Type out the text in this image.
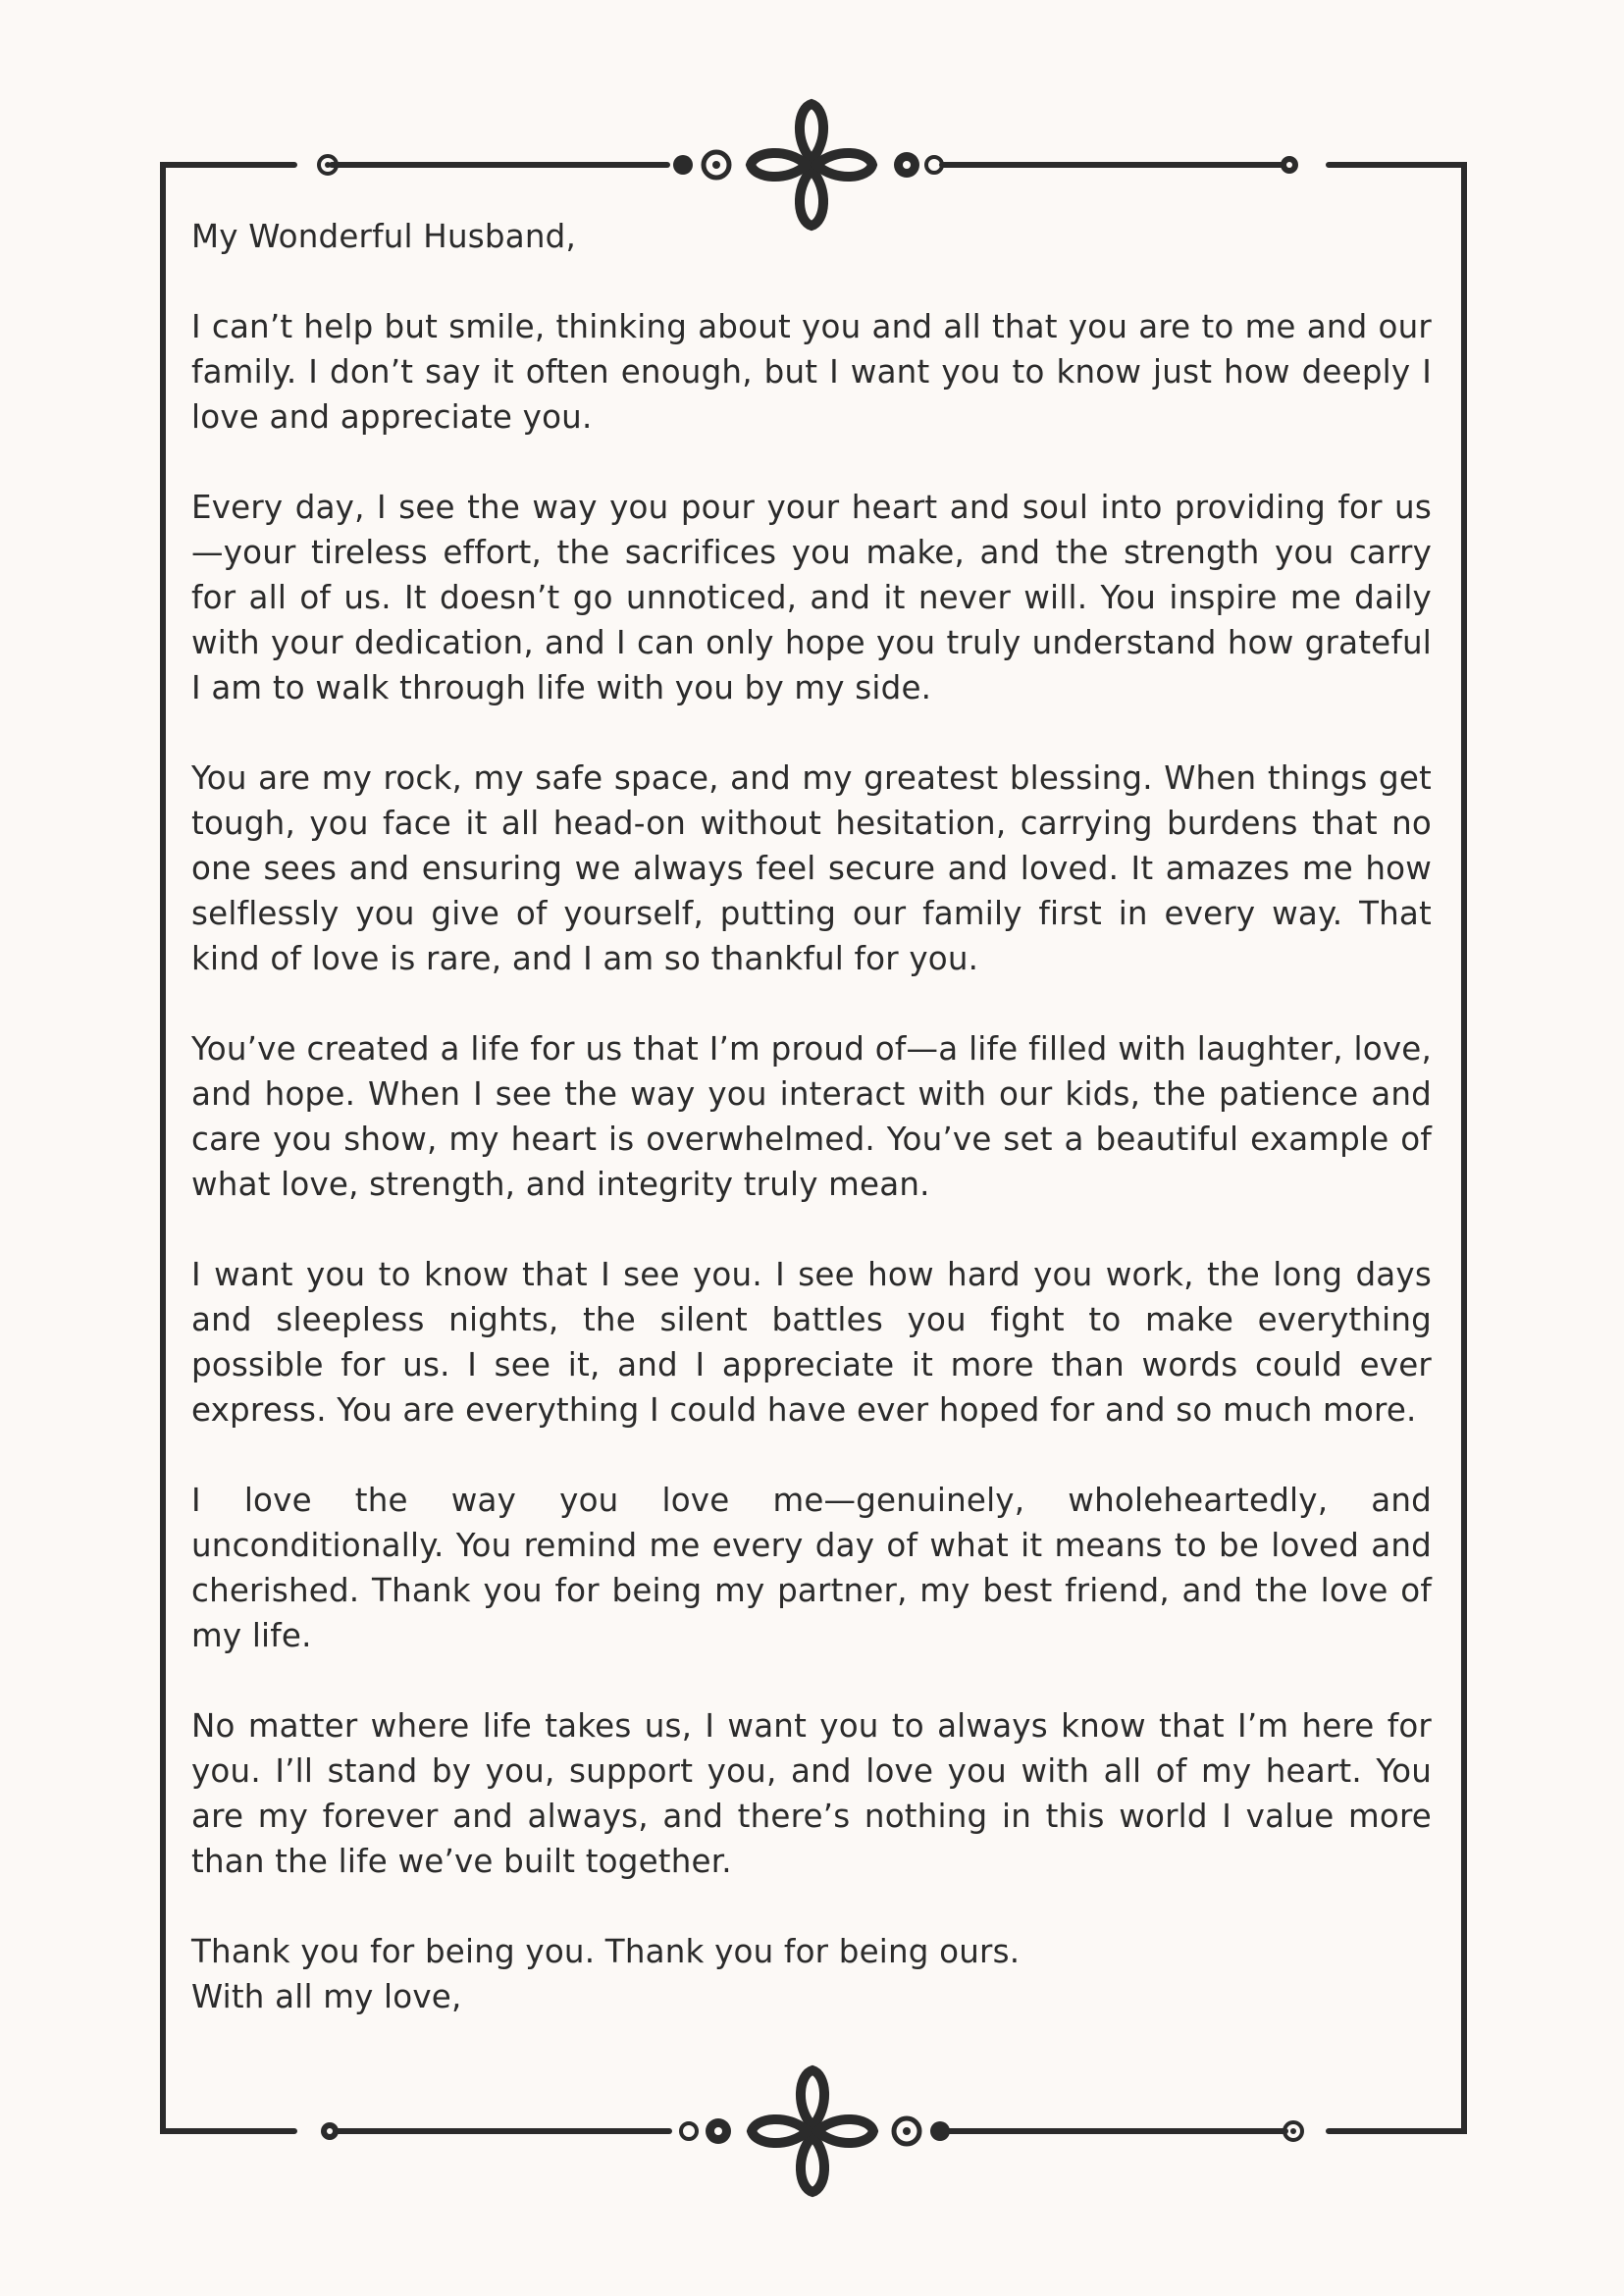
My Wonderful Husband,

I can’t help but smile, thinking about you and all that you are to me and our family. I don’t say it often enough, but I want you to know just how deeply I love and appreciate you.

Every day, I see the way you pour your heart and soul into providing for us—your tireless effort, the sacrifices you make, and the strength you carry for all of us. It doesn’t go unnoticed, and it never will. You inspire me daily with your dedication, and I can only hope you truly understand how grateful I am to walk through life with you by my side.

You are my rock, my safe space, and my greatest blessing. When things get tough, you face it all head-on without hesitation, carrying burdens that no one sees and ensuring we always feel secure and loved. It amazes me how selflessly you give of yourself, putting our family first in every way. That kind of love is rare, and I am so thankful for you.

You’ve created a life for us that I’m proud of—a life filled with laughter, love, and hope. When I see the way you interact with our kids, the patience and care you show, my heart is overwhelmed. You’ve set a beautiful example of what love, strength, and integrity truly mean.

I want you to know that I see you. I see how hard you work, the long days and sleepless nights, the silent battles you fight to make everything possible for us. I see it, and I appreciate it more than words could ever express. You are everything I could have ever hoped for and so much more.

I love the way you love me—genuinely, wholeheartedly, and unconditionally. You remind me every day of what it means to be loved and cherished. Thank you for being my partner, my best friend, and the love of my life.

No matter where life takes us, I want you to always know that I’m here for you. I’ll stand by you, support you, and love you with all of my heart. You are my forever and always, and there’s nothing in this world I value more than the life we’ve built together.

Thank you for being you. Thank you for being ours.

With all my love,
